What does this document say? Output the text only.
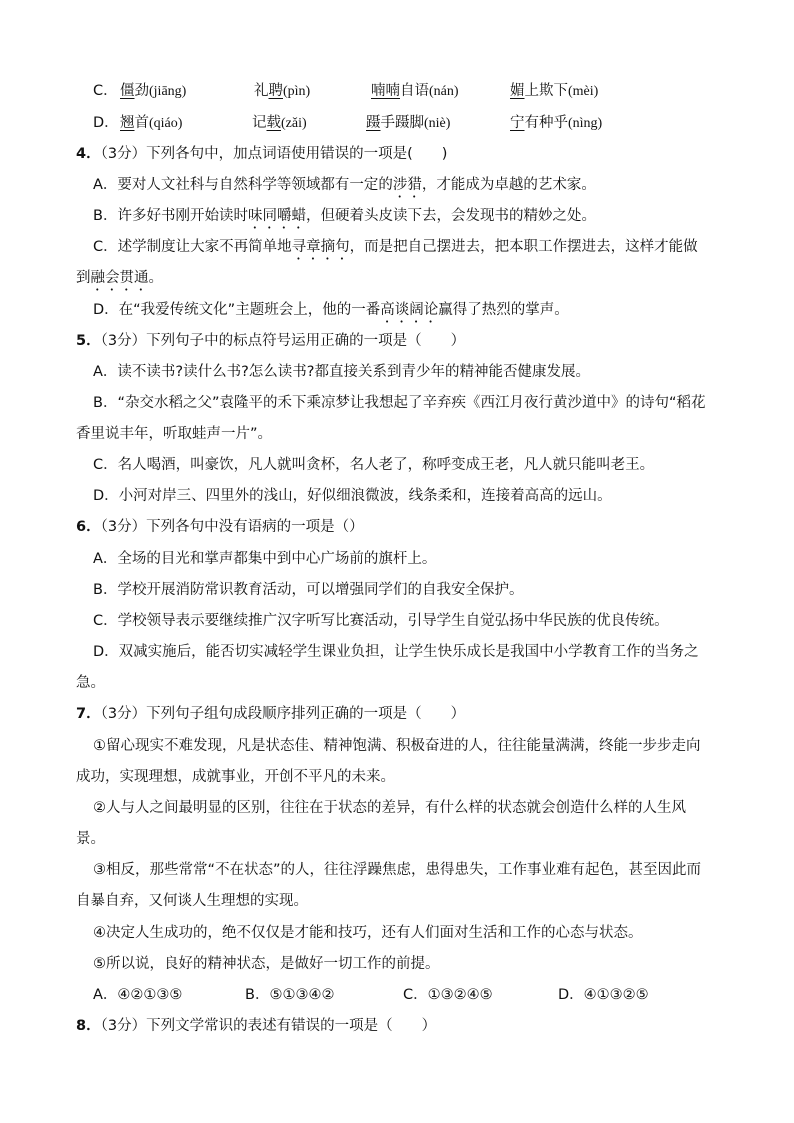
C． 僵劲(jiāng)	礼聘(pìn)	喃喃自语(nán)	媚上欺下(mèi)
D． 翘首(qiáo)	记载(zǎi)	蹑手蹑脚(niè)	宁有种乎(nìng)
4．（3分）下列各句中，加点词语使用错误的一项是(　　)
A．要对人文社科与自然科学等领域都有一定的涉猎，才能成为卓越的艺术家。
B．许多好书刚开始读时味同嚼蜡，但硬着头皮读下去，会发现书的精妙之处。
C．述学制度让大家不再简单地寻章摘句，而是把自己摆进去，把本职工作摆进去，这样才能做
到融会贯通。
D．在“我爱传统文化”主题班会上，他的一番高谈阔论赢得了热烈的掌声。
5．（3分）下列句子中的标点符号运用正确的一项是（　　）
A．读不读书?读什么书?怎么读书?都直接关系到青少年的精神能否健康发展。
B．“杂交水稻之父”袁隆平的禾下乘凉梦让我想起了辛弃疾《西江月夜行黄沙道中》的诗句“稻花
香里说丰年，听取蛙声一片”。
C．名人喝酒，叫豪饮，凡人就叫贪杯，名人老了，称呼变成王老，凡人就只能叫老王。
D．小河对岸三、四里外的浅山，好似细浪微波，线条柔和，连接着高高的远山。
6．（3分）下列各句中没有语病的一项是（）
A．全场的目光和掌声都集中到中心广场前的旗杆上。
B．学校开展消防常识教育活动，可以增强同学们的自我安全保护。
C．学校领导表示要继续推广汉字听写比赛活动，引导学生自觉弘扬中华民族的优良传统。
D．双减实施后，能否切实减轻学生课业负担，让学生快乐成长是我国中小学教育工作的当务之
急。
7．（3分）下列句子组句成段顺序排列正确的一项是（　　）
①留心现实不难发现，凡是状态佳、精神饱满、积极奋进的人，往往能量满满，终能一步步走向
成功，实现理想，成就事业，开创不平凡的未来。
②人与人之间最明显的区别，往往在于状态的差异，有什么样的状态就会创造什么样的人生风
景。
③相反，那些常常“不在状态”的人，往往浮躁焦虑，患得患失，工作事业难有起色，甚至因此而
自暴自弃，又何谈人生理想的实现。
④决定人生成功的，绝不仅仅是才能和技巧，还有人们面对生活和工作的心态与状态。
⑤所以说，良好的精神状态，是做好一切工作的前提。
A．④②①③⑤	B．⑤①③④②	C．①③②④⑤	D．④①③②⑤
8．（3分）下列文学常识的表述有错误的一项是（　　）
